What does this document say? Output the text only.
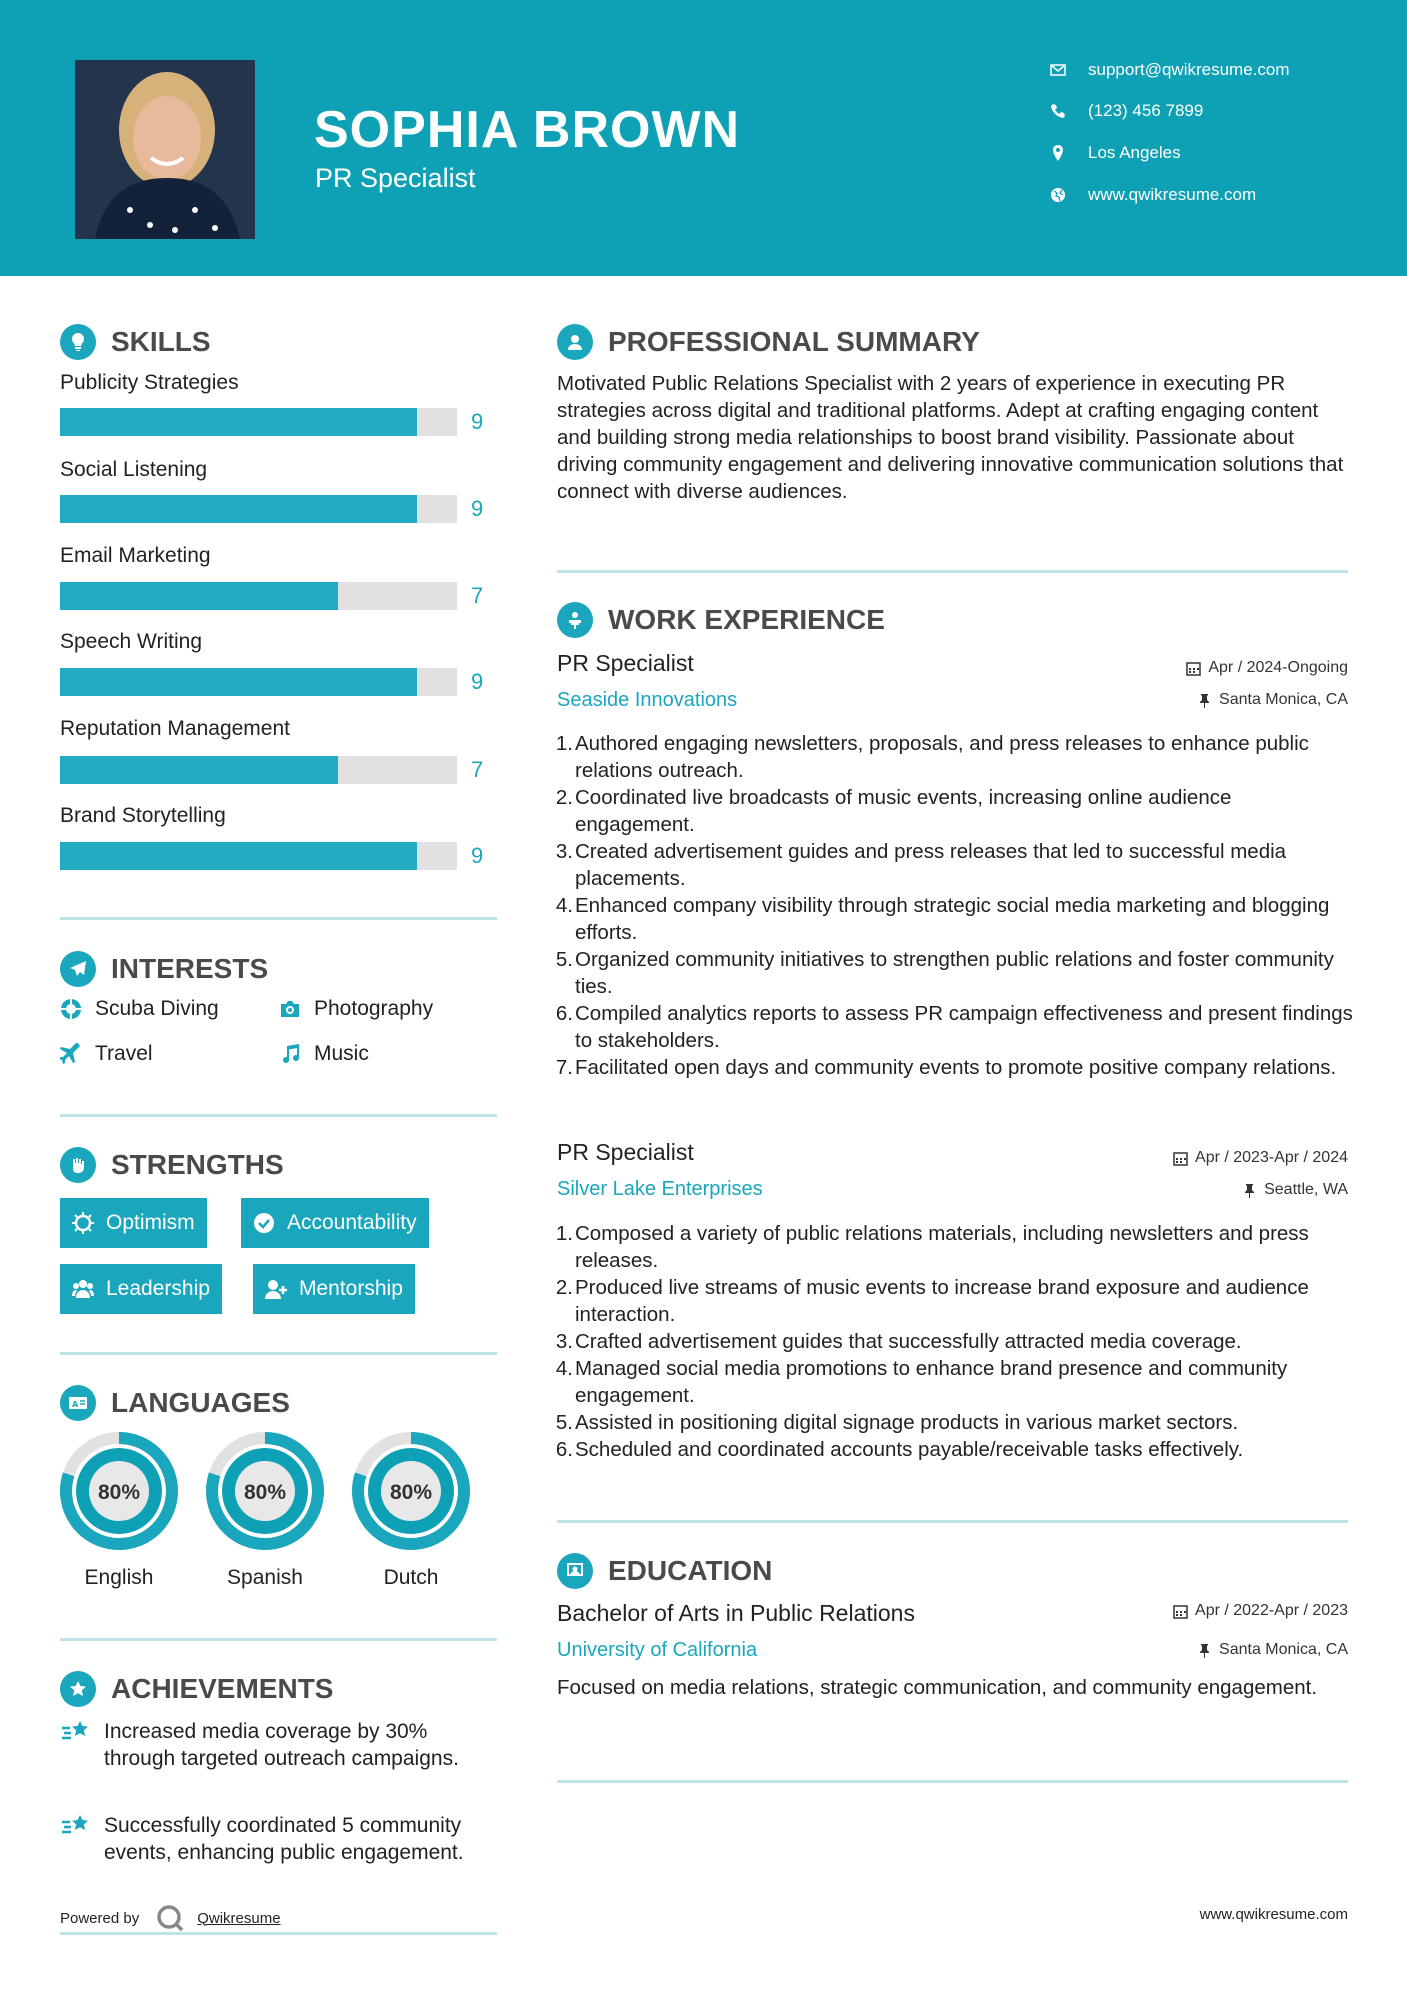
SOPHIA BROWN
PR Specialist
support@qwikresume.com
(123) 456 7899
Los Angeles
www.qwikresume.com
SKILLS
Publicity Strategies
9
Social Listening
9
Email Marketing
7
Speech Writing
9
Reputation Management
7
Brand Storytelling
9
INTERESTS
Scuba Diving	Photography
Travel	Music
STRENGTHS
Optimism	Accountability
Leadership	Mentorship
A LANGUAGES
80%
English
80%
Spanish
80%
Dutch
ACHIEVEMENTS
Increased media coverage by 30% through targeted outreach campaigns.
Successfully coordinated 5 community events, enhancing public engagement.
Powered by	Qwikresume
PROFESSIONAL SUMMARY
Motivated Public Relations Specialist with 2 years of experience in executing PR strategies across digital and traditional platforms. Adept at crafting engaging content and building strong media relationships to boost brand visibility. Passionate about driving community engagement and delivering innovative communication solutions that connect with diverse audiences.
WORK EXPERIENCE
PR Specialist
Seaside Innovations
Apr / 2024-Ongoing
Santa Monica, CA
1. Authored engaging newsletters, proposals, and press releases to enhance public relations outreach.
2. Coordinated live broadcasts of music events, increasing online audience engagement.
3. Created advertisement guides and press releases that led to successful media placements.
4. Enhanced company visibility through strategic social media marketing and blogging efforts.
5. Organized community initiatives to strengthen public relations and foster community ties.
6. Compiled analytics reports to assess PR campaign effectiveness and present findings to stakeholders.
7. Facilitated open days and community events to promote positive company relations.
PR Specialist
Silver Lake Enterprises
Apr / 2023-Apr / 2024
Seattle, WA
1. Composed a variety of public relations materials, including newsletters and press releases.
2. Produced live streams of music events to increase brand exposure and audience interaction.
3. Crafted advertisement guides that successfully attracted media coverage.
4. Managed social media promotions to enhance brand presence and community engagement.
5. Assisted in positioning digital signage products in various market sectors.
6. Scheduled and coordinated accounts payable/receivable tasks effectively.
EDUCATION
Bachelor of Arts in Public Relations
University of California
Apr / 2022-Apr / 2023
Santa Monica, CA
Focused on media relations, strategic communication, and community engagement.
www.qwikresume.com
